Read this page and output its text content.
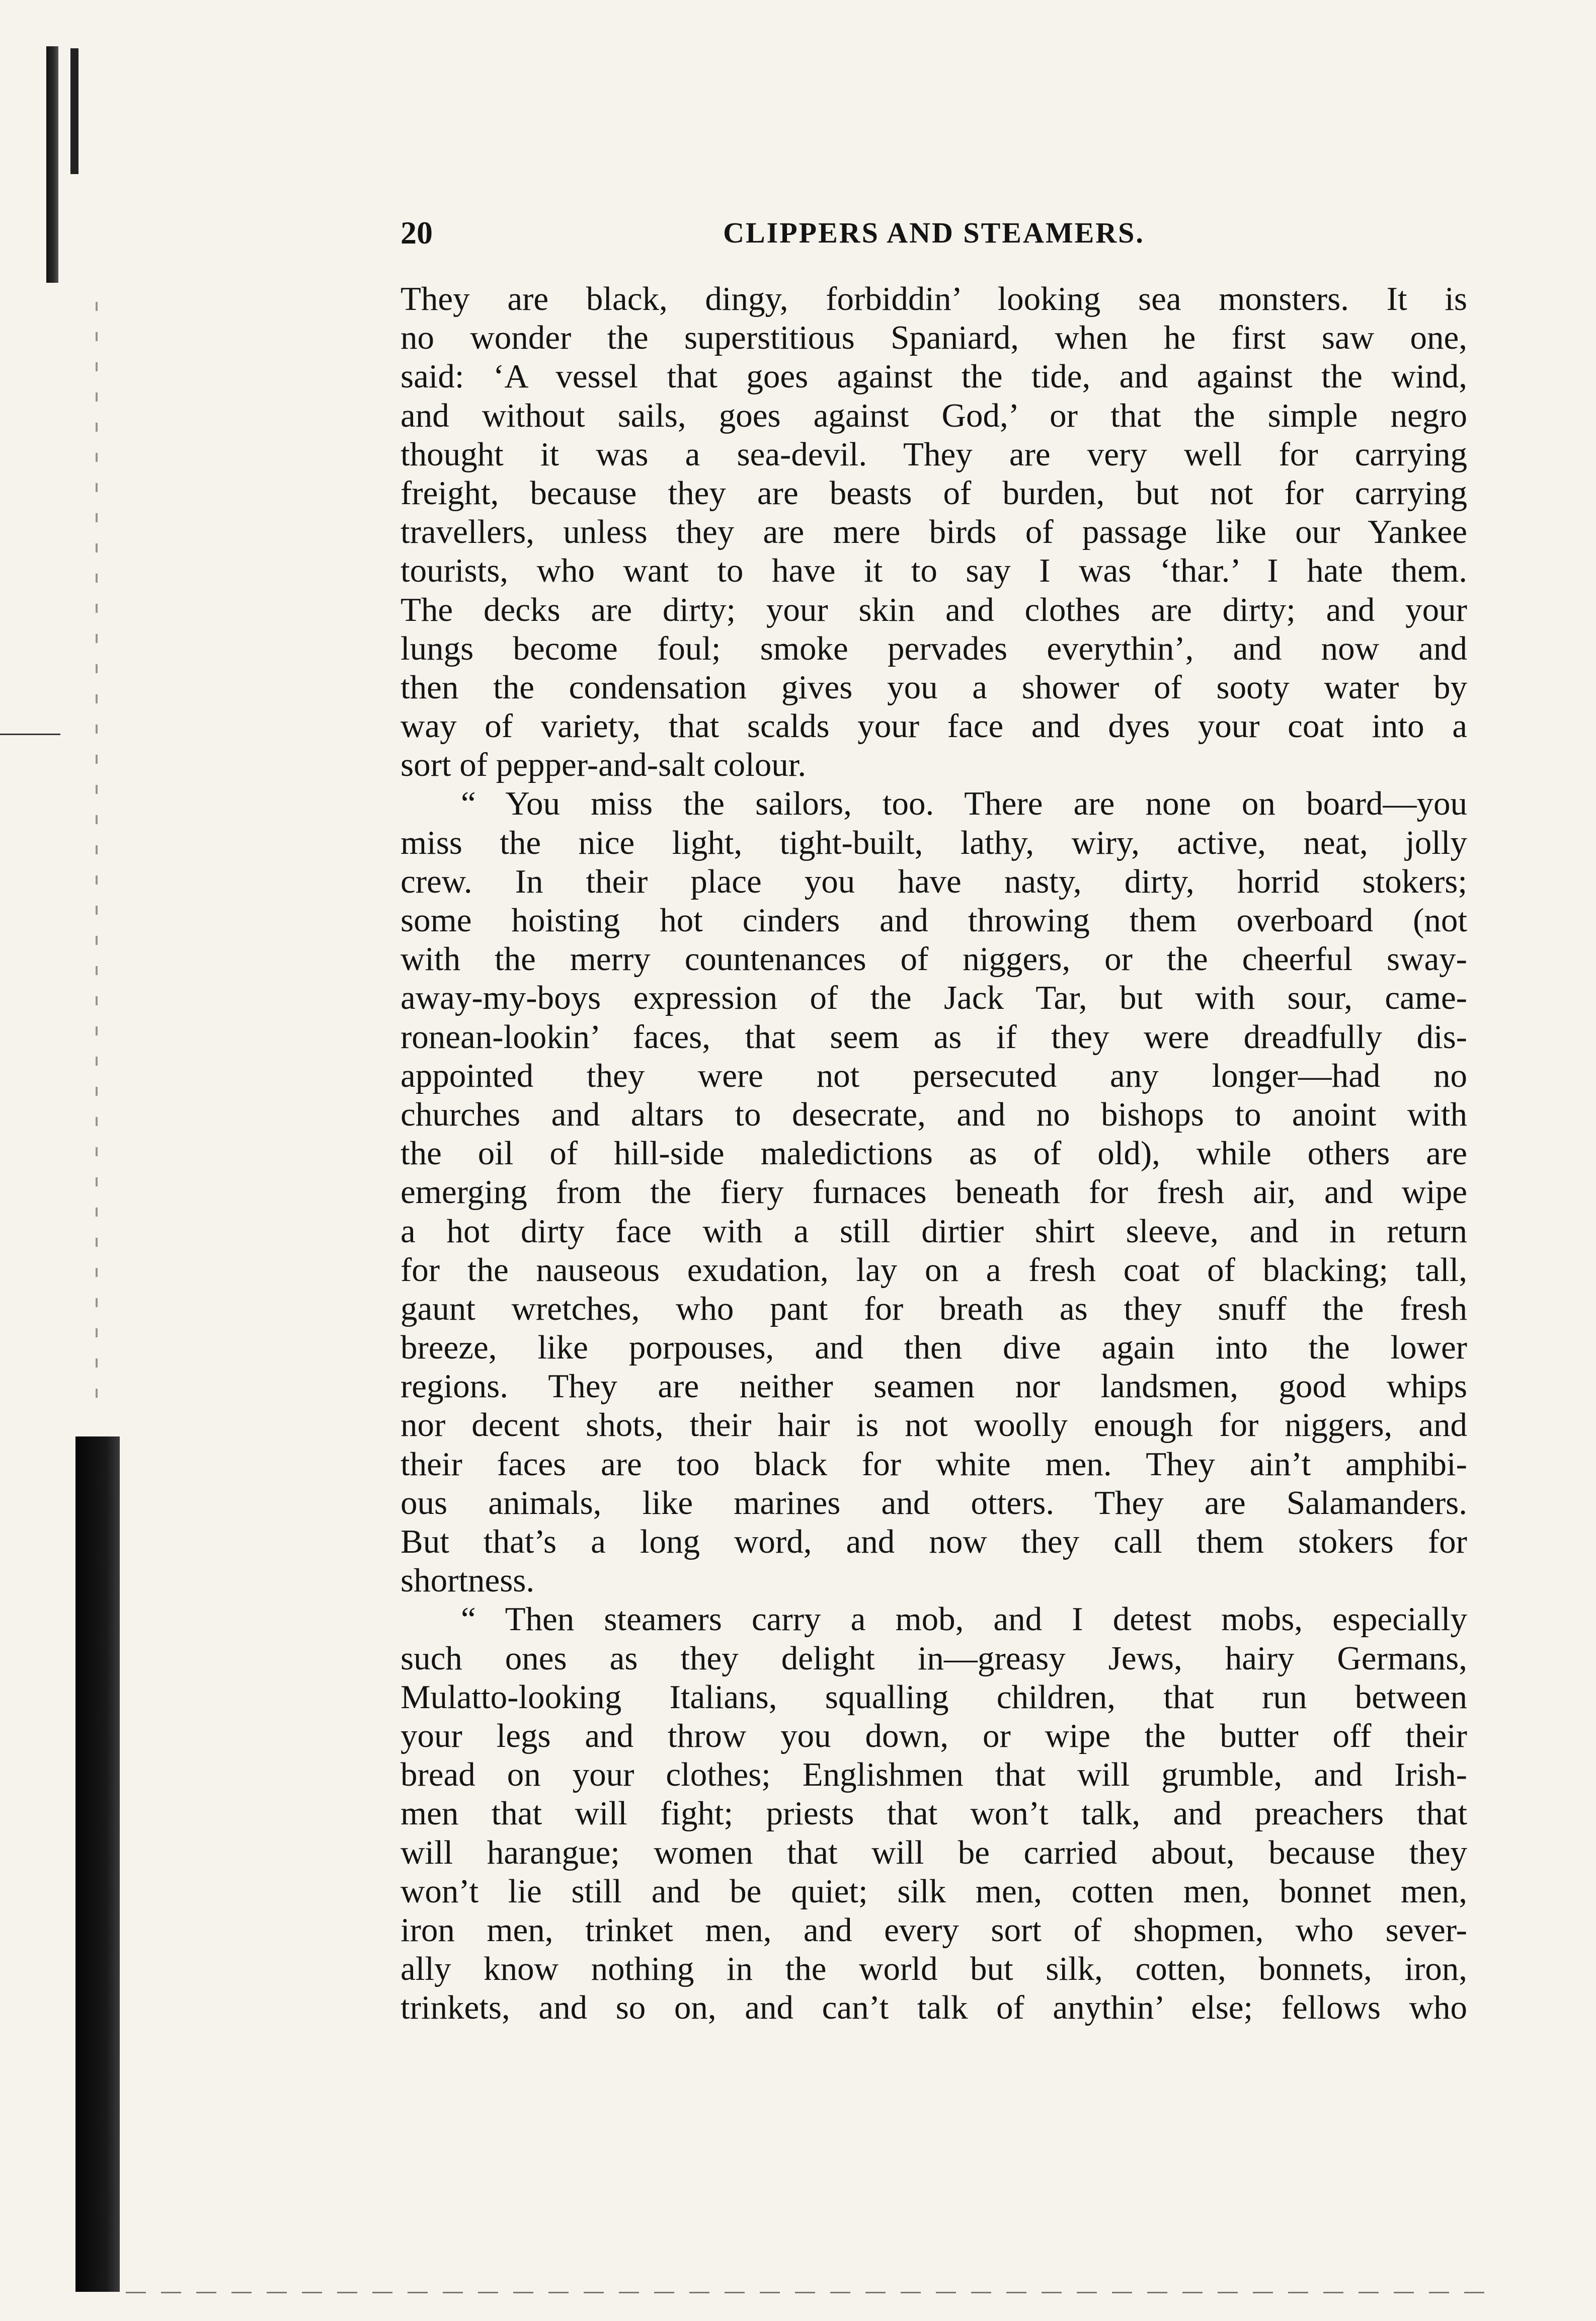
20	CLIPPERS AND STEAMERS.
They are black, dingy, forbiddin’ looking sea monsters. It is
no wonder the superstitious Spaniard, when he first saw one,
said: ‘A vessel that goes against the tide, and against the wind,
and without sails, goes against God,’ or that the simple negro
thought it was a sea-devil. They are very well for carrying
freight, because they are beasts of burden, but not for carrying
travellers, unless they are mere birds of passage like our Yankee
tourists, who want to have it to say I was ‘thar.’ I hate them.
The decks are dirty; your skin and clothes are dirty; and your
lungs become foul; smoke pervades everythin’, and now and
then the condensation gives you a shower of sooty water by
way of variety, that scalds your face and dyes your coat into a
sort of pepper-and-salt colour.
“ You miss the sailors, too. There are none on board—you
miss the nice light, tight-built, lathy, wiry, active, neat, jolly
crew. In their place you have nasty, dirty, horrid stokers;
some hoisting hot cinders and throwing them overboard (not
with the merry countenances of niggers, or the cheerful sway-
away-my-boys expression of the Jack Tar, but with sour, came-
ronean-lookin’ faces, that seem as if they were dreadfully dis-
appointed they were not persecuted any longer—had no
churches and altars to desecrate, and no bishops to anoint with
the oil of hill-side maledictions as of old), while others are
emerging from the fiery furnaces beneath for fresh air, and wipe
a hot dirty face with a still dirtier shirt sleeve, and in return
for the nauseous exudation, lay on a fresh coat of blacking; tall,
gaunt wretches, who pant for breath as they snuff the fresh
breeze, like porpouses, and then dive again into the lower
regions. They are neither seamen nor landsmen, good whips
nor decent shots, their hair is not woolly enough for niggers, and
their faces are too black for white men. They ain’t amphibi-
ous animals, like marines and otters. They are Salamanders.
But that’s a long word, and now they call them stokers for
shortness.
“ Then steamers carry a mob, and I detest mobs, especially
such ones as they delight in—greasy Jews, hairy Germans,
Mulatto-looking Italians, squalling children, that run between
your legs and throw you down, or wipe the butter off their
bread on your clothes; Englishmen that will grumble, and Irish-
men that will fight; priests that won’t talk, and preachers that
will harangue; women that will be carried about, because they
won’t lie still and be quiet; silk men, cotten men, bonnet men,
iron men, trinket men, and every sort of shopmen, who sever-
ally know nothing in the world but silk, cotten, bonnets, iron,
trinkets, and so on, and can’t talk of anythin’ else; fellows who
